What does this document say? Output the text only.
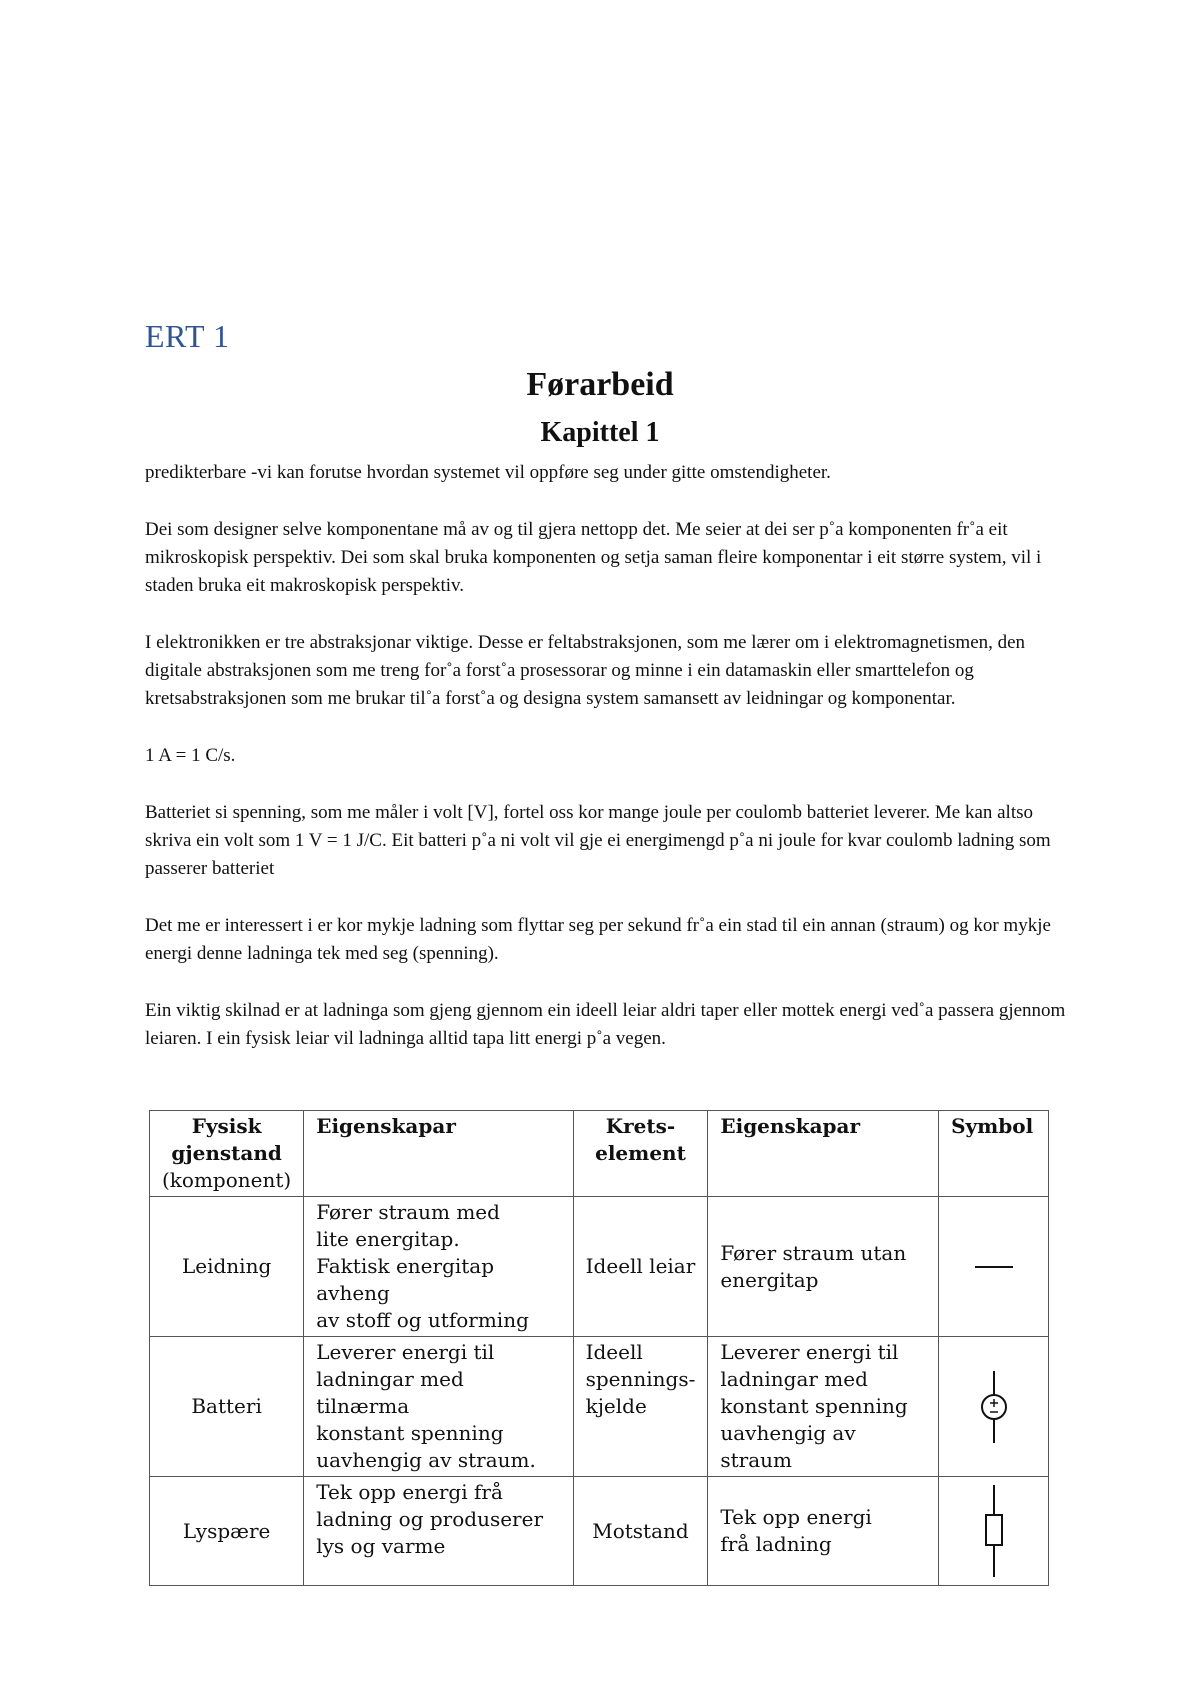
ERT 1
Førarbeid
Kapittel 1

predikterbare -vi kan forutse hvordan systemet vil oppføre seg under gitte omstendigheter.

Dei som designer selve komponentane må av og til gjera nettopp det. Me seier at dei ser p˚a komponenten fr˚a eit mikroskopisk perspektiv. Dei som skal bruka komponenten og setja saman fleire komponentar i eit større system, vil i staden bruka eit makroskopisk perspektiv.

I elektronikken er tre abstraksjonar viktige. Desse er feltabstraksjonen, som me lærer om i elektromagnetismen, den digitale abstraksjonen som me treng for˚a forst˚a prosessorar og minne i ein datamaskin eller smarttelefon og kretsabstraksjonen som me brukar til˚a forst˚a og designa system samansett av leidningar og komponentar.

1 A = 1 C/s.

Batteriet si spenning, som me måler i volt [V], fortel oss kor mange joule per coulomb batteriet leverer. Me kan altso skriva ein volt som 1 V = 1 J/C. Eit batteri p˚a ni volt vil gje ei energimengd p˚a ni joule for kvar coulomb ladning som passerer batteriet

Det me er interessert i er kor mykje ladning som flyttar seg per sekund fr˚a ein stad til ein annan (straum) og kor mykje energi denne ladninga tek med seg (spenning).

Ein viktig skilnad er at ladninga som gjeng gjennom ein ideell leiar aldri taper eller mottek energi ved˚a passera gjennom leiaren. I ein fysisk leiar vil ladninga alltid tapa litt energi p˚a vegen.

Fysisk
gjenstand
(komponent)	Eigenskapar	Krets-
element	Eigenskapar	Symbol
Leidning	Fører straum med
lite energitap.
Faktisk energitap avheng
av stoff og utforming	Ideell leiar	Fører straum utan
energitap	

Batteri	Leverer energi til
ladningar med tilnærma
konstant spenning
uavhengig av straum.	Ideell
spennings-
kjelde	Leverer energi til
ladningar med
konstant spenning
uavhengig av straum	

Lyspære	Tek opp energi frå
ladning og produserer
lys og varme	Motstand	Tek opp energi
frå ladning	
